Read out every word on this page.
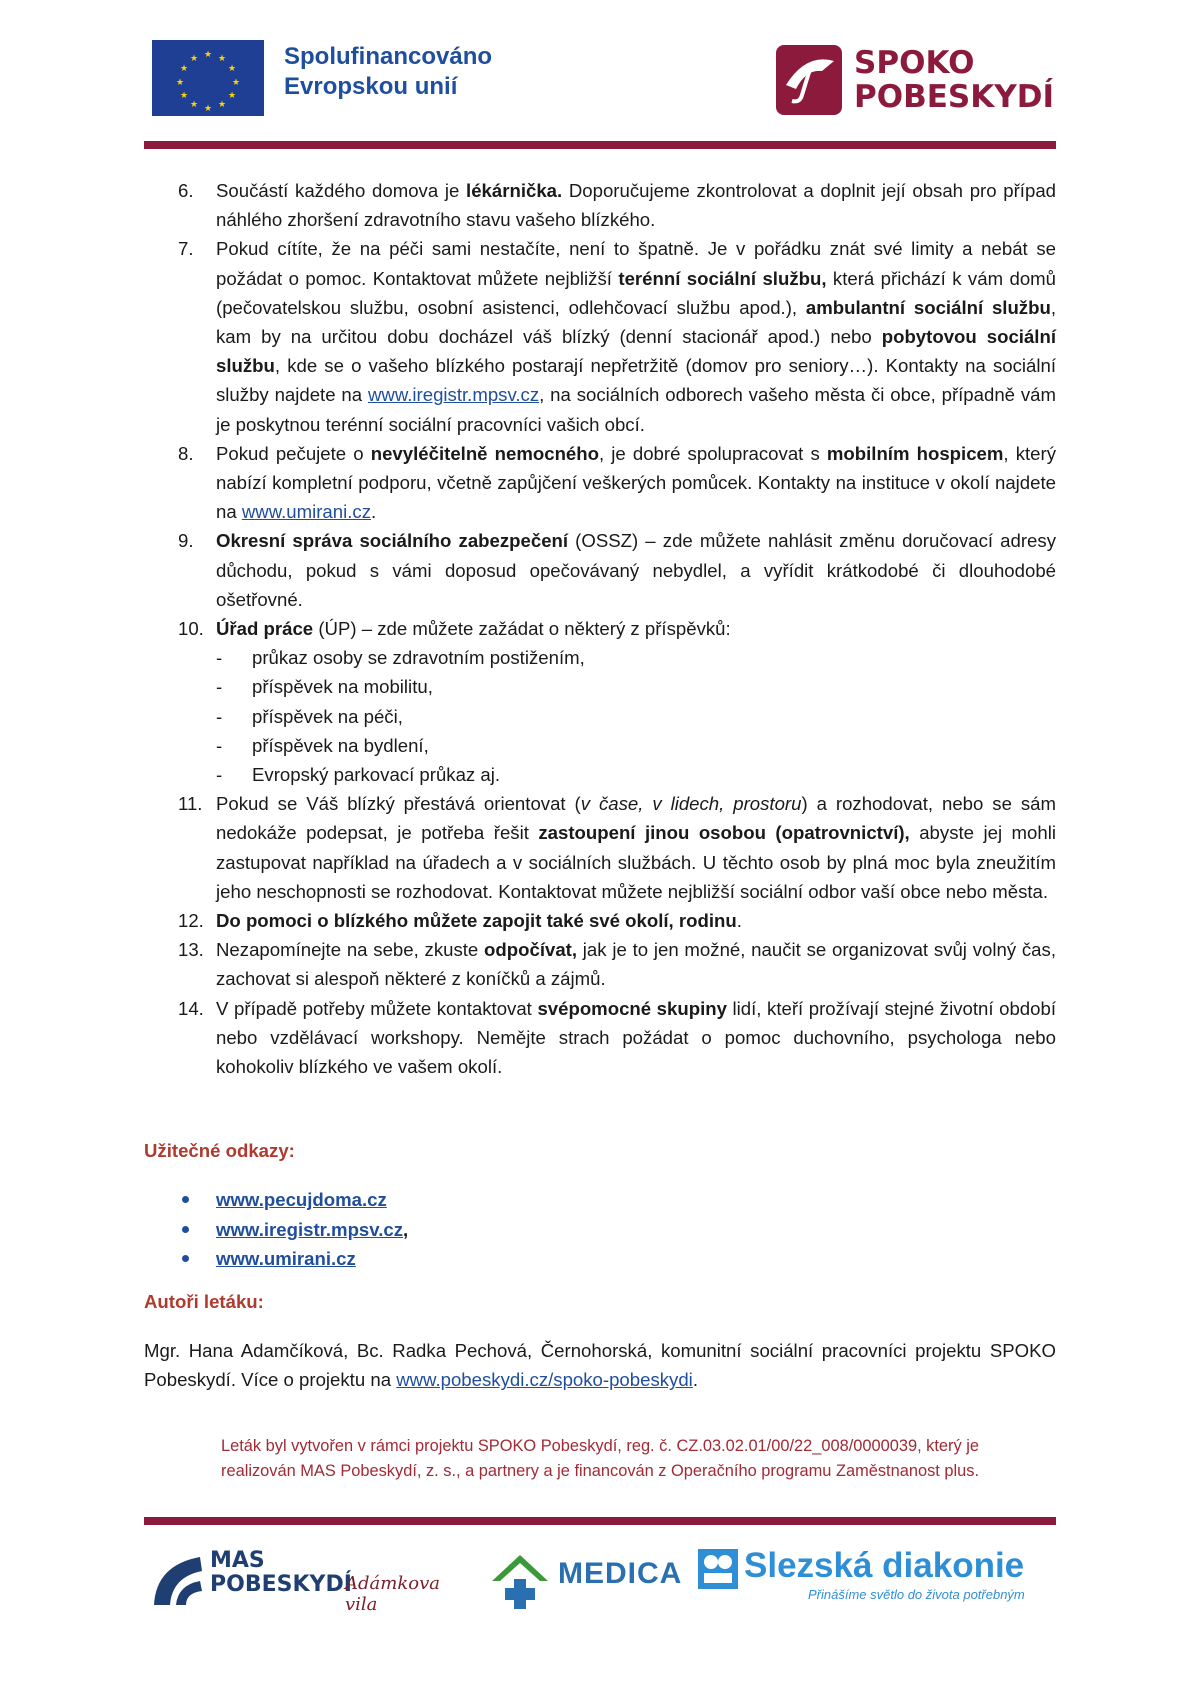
★ ★
★
★
★
★
★
★
★
★
★
★	Spolufinancováno
Evropskou unií
SPOKO
POBESKYDÍ
6. Součástí každého domova je lékárnička. Doporučujeme zkontrolovat a doplnit její obsah pro případ náhlého zhoršení zdravotního stavu vašeho blízkého.
7. Pokud cítíte, že na péči sami nestačíte, není to špatně. Je v pořádku znát své limity a nebát se požádat o pomoc. Kontaktovat můžete nejbližší terénní sociální službu, která přichází k vám domů (pečovatelskou službu, osobní asistenci, odlehčovací službu apod.), ambulantní sociální službu, kam by na určitou dobu docházel váš blízký (denní stacionář apod.) nebo pobytovou sociální službu, kde se o vašeho blízkého postarají nepřetržitě (domov pro seniory…). Kontakty na sociální služby najdete na www.iregistr.mpsv.cz, na sociálních odborech vašeho města či obce, případně vám je poskytnou terénní sociální pracovníci vašich obcí.
8. Pokud pečujete o nevyléčitelně nemocného, je dobré spolupracovat s mobilním hospicem, který nabízí kompletní podporu, včetně zapůjčení veškerých pomůcek. Kontakty na instituce v okolí najdete na www.umirani.cz.
9. Okresní správa sociálního zabezpečení (OSSZ) – zde můžete nahlásit změnu doručovací adresy důchodu, pokud s vámi doposud opečovávaný nebydlel, a vyřídit krátkodobé či dlouhodobé ošetřovné.
10. Úřad práce (ÚP) – zde můžete zažádat o některý z příspěvků:
- průkaz osoby se zdravotním postižením,
- příspěvek na mobilitu,
- příspěvek na péči,
- příspěvek na bydlení,
- Evropský parkovací průkaz aj.
11. Pokud se Váš blízký přestává orientovat (v čase, v lidech, prostoru) a rozhodovat, nebo se sám nedokáže podepsat, je potřeba řešit zastoupení jinou osobou (opatrovnictví), abyste jej mohli zastupovat například na úřadech a v sociálních službách. U těchto osob by plná moc byla zneužitím jeho neschopnosti se rozhodovat. Kontaktovat můžete nejbližší sociální odbor vaší obce nebo města.
12. Do pomoci o blízkého můžete zapojit také své okolí, rodinu.
13. Nezapomínejte na sebe, zkuste odpočívat, jak je to jen možné, naučit se organizovat svůj volný čas, zachovat si alespoň některé z koníčků a zájmů.
14. V případě potřeby můžete kontaktovat svépomocné skupiny lidí, kteří prožívají stejné životní období nebo vzdělávací workshopy. Nemějte strach požádat o pomoc duchovního, psychologa nebo kohokoliv blízkého ve vašem okolí.
Užitečné odkazy:
www.pecujdoma.cz
www.iregistr.mpsv.cz,
www.umirani.cz
Autoři letáku:
Mgr. Hana Adamčíková, Bc. Radka Pechová, Černohorská, komunitní sociální pracovníci projektu SPOKO Pobeskydí. Více o projektu na www.pobeskydi.cz/spoko-pobeskydi.
Leták byl vytvořen v rámci projektu SPOKO Pobeskydí, reg. č. CZ.03.02.01/00/22_008/0000039, který je
realizován MAS Pobeskydí, z. s., a partnery a je financován z Operačního programu Zaměstnanost plus.
MAS
POBESKYDÍ
Adámkova vila
MEDICA Slezská diakonie
Přinášíme světlo do života potřebným
